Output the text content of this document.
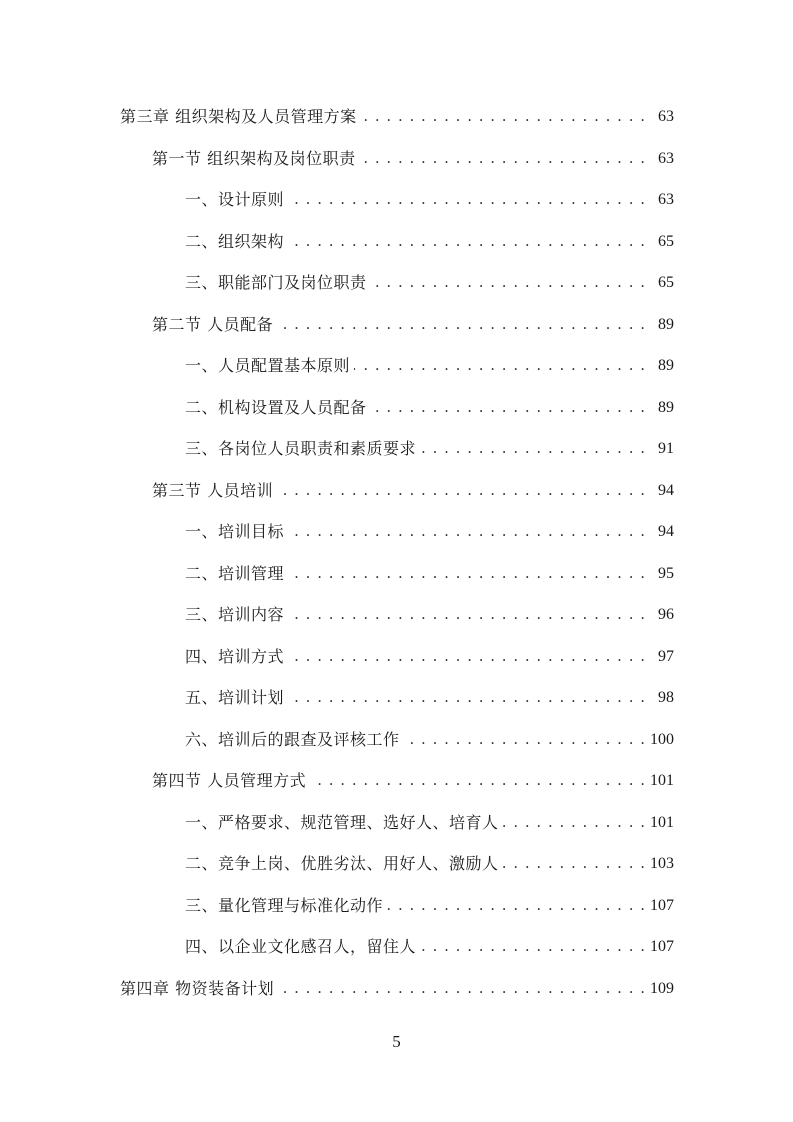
第三章 组织架构及人员管理方案 . . .	63
第一节 组织架构及岗位职责 . . .	63
一、设计原则 . . .	63
二、组织架构 . . .	65
三、职能部门及岗位职责 . . .	65
第二节 人员配备 . . .	89
一、人员配置基本原则 . . .	89
二、机构设置及人员配备 . . .	89
三、各岗位人员职责和素质要求 . . .	91
第三节 人员培训 . . .	94
一、培训目标 . . .	94
二、培训管理 . . .	95
三、培训内容 . . .	96
四、培训方式 . . .	97
五、培训计划 . . .	98
六、培训后的跟查及评核工作 . . .	100
第四节 人员管理方式 . . .	101
一、严格要求、规范管理、选好人、培育人 . . .	101
二、竞争上岗、优胜劣汰、用好人、激励人 . . .	103
三、量化管理与标准化动作 . . .	107
四、以企业文化感召人，留住人 . . .	107
第四章 物资装备计划 . . .	109
5
